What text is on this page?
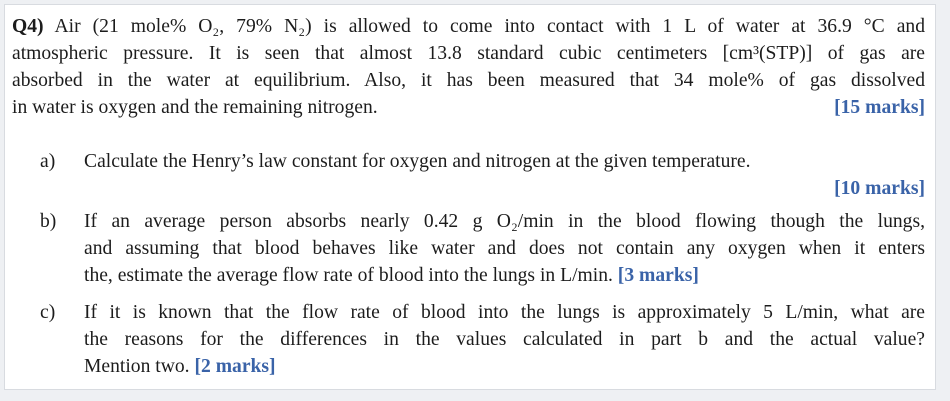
Q4) Air (21 mole% O₂, 79% N₂) is allowed to come into contact with 1 L of water at 36.9 °C and
atmospheric pressure. It is seen that almost 13.8 standard cubic centimeters [cm³(STP)] of gas are
absorbed in the water at equilibrium. Also, it has been measured that 34 mole% of gas dissolved
in water is oxygen and the remaining nitrogen.	[15 marks]
a) Calculate the Henry’s law constant for oxygen and nitrogen at the given temperature.
[10 marks]
b) If an average person absorbs nearly 0.42 g O₂/min in the blood flowing though the lungs,
and assuming that blood behaves like water and does not contain any oxygen when it enters
the, estimate the average flow rate of blood into the lungs in L/min. [3 marks]
c) If it is known that the flow rate of blood into the lungs is approximately 5 L/min, what are
the reasons for the differences in the values calculated in part b and the actual value?
Mention two. [2 marks]
